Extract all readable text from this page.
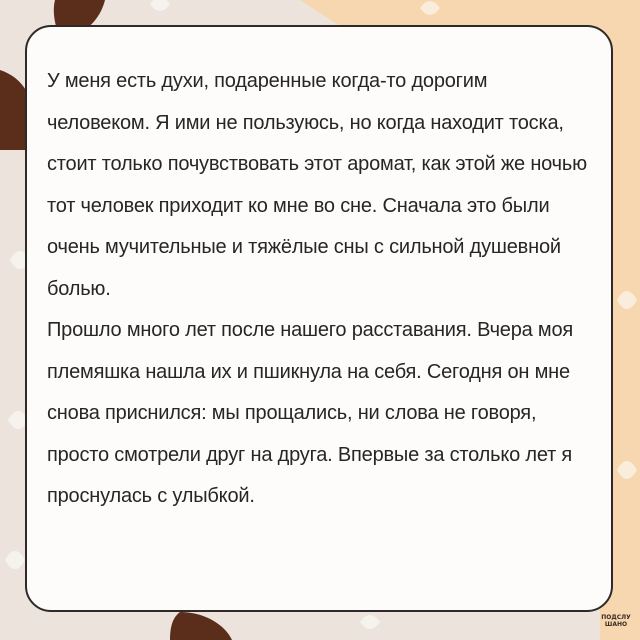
У меня есть духи, подаренные когда-то дорогим человеком. Я ими не пользуюсь, но когда находит тоска, стоит только почувствовать этот аромат, как этой же ночью тот человек приходит ко мне во сне. Сначала это были очень мучительные и тяжёлые сны с сильной душевной болью.
Прошло много лет после нашего расставания. Вчера моя племяшка нашла их и пшикнула на себя. Сегодня он мне снова приснился: мы прощались, ни слова не говоря, просто смотрели друг на друга. Впервые за столько лет я проснулась с улыбкой.

ПОДСЛУ
ШАНО
